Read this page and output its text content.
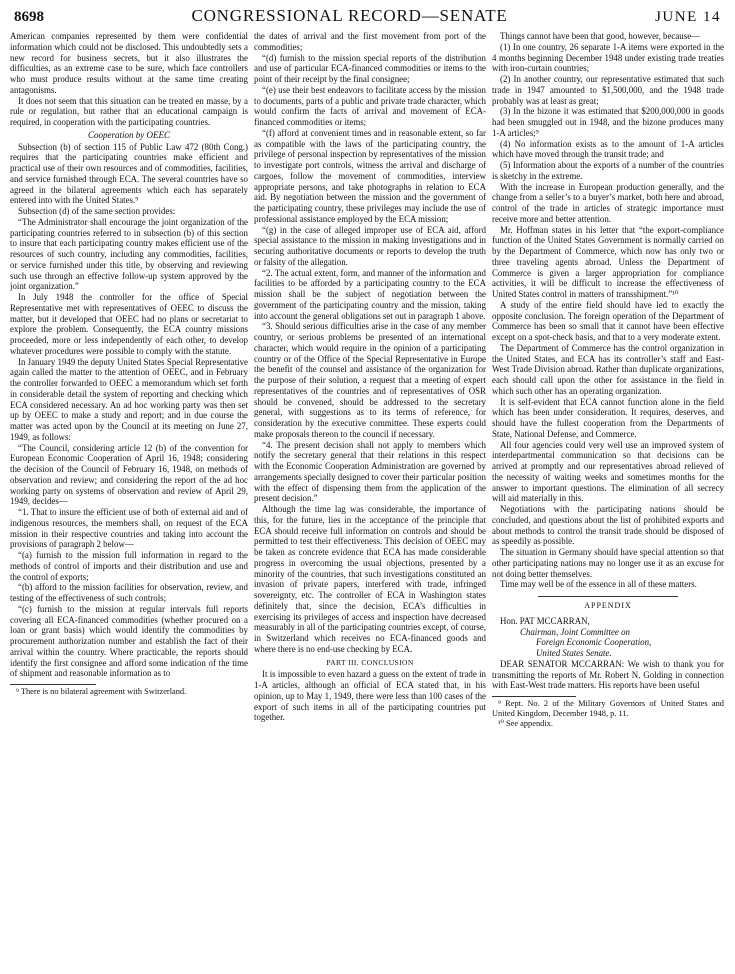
8698	CONGRESSIONAL RECORD—SENATE	JUNE 14

American companies represented by them were confidential information which could not be disclosed. This undoubtedly sets a new record for business secrets, but it also illustrates the difficulties, as an extreme case to be sure, which face controllers who must produce results without at the same time creating antagonisms.

It does not seem that this situation can be treated en masse, by a rule or regulation, but rather that an educational campaign is required, in cooperation with the participating countries.

Cooperation by OEEC

Subsection (b) of section 115 of Public Law 472 (80th Cong.) requires that the participating countries make efficient and practical use of their own resources and of commodities, facilities, and service furnished through ECA. The several countries have so agreed in the bilateral agreements which each has separately entered into with the United States.⁹

Subsection (d) of the same section provides:

“The Administrator shall encourage the joint organization of the participating countries referred to in subsection (b) of this section to insure that each participating country makes efficient use of the resources of such country, including any commodities, facilities, or service furnished under this title, by observing and reviewing such use through an effective follow-up system approved by the joint organization.”

In July 1948 the controller for the office of Special Representative met with representatives of OEEC to discuss the matter, but it developed that OEEC had no plans or secretariat to explore the problem. Consequently, the ECA country missions proceeded, more or less independently of each other, to develop whatever procedures were possible to comply with the statute.

In January 1949 the deputy United States Special Representative again called the matter to the attention of OEEC, and in February the controller forwarded to OEEC a memorandum which set forth in considerable detail the system of reporting and checking which ECA considered necessary. An ad hoc working party was then set up by OEEC to make a study and report; and in due course the matter was acted upon by the Council at its meeting on June 27, 1949, as follows:

“The Council, considering article 12 (b) of the convention for European Economic Cooperation of April 16, 1948; considering the decision of the Council of February 16, 1948, on methods of observation and review; and considering the report of the ad hoc working party on systems of observation and review of April 29, 1949, decides—

“1. That to insure the efficient use of both of external aid and of indigenous resources, the members shall, on request of the ECA mission in their respective countries and taking into account the provisions of paragraph 2 below—

“(a) furnish to the mission full information in regard to the methods of control of imports and their distribution and use and the control of exports;

“(b) afford to the mission facilities for observation, review, and testing of the effectiveness of such controls;

“(c) furnish to the mission at regular intervals full reports covering all ECA-financed commodities (whether procured on a loan or grant basis) which would identify the commodities by procurement authorization number and establish the fact of their arrival within the country. Where practicable, the reports should identify the first consignee and afford some indication of the time of shipment and reasonable information as to

⁹ There is no bilateral agreement with Switzerland.

the dates of arrival and the first movement from port of the commodities;

“(d) furnish to the mission special reports of the distribution and use of particular ECA-financed commodities or items to the point of their receipt by the final consignee;

“(e) use their best endeavors to facilitate access by the mission to documents, parts of a public and private trade character, which would confirm the facts of arrival and movement of ECA-financed commodities or items;

“(f) afford at convenient times and in reasonable extent, so far as compatible with the laws of the participating country, the privilege of personal inspection by representatives of the mission to investigate port controls, witness the arrival and discharge of cargoes, follow the movement of commodities, interview appropriate persons, and take photographs in relation to ECA aid. By negotiation between the mission and the government of the participating country, these privileges may include the use of professional assistance employed by the ECA mission;

“(g) in the case of alleged improper use of ECA aid, afford special assistance to the mission in making investigations and in securing authoritative documents or reports to develop the truth or falsity of the allegation.

“2. The actual extent, form, and manner of the information and facilities to be afforded by a participating country to the ECA mission shall be the subject of negotiation between the government of the participating country and the mission, taking into account the general obligations set out in paragraph 1 above.

“3. Should serious difficulties arise in the case of any member country, or serious problems be presented of an international character, which would require in the opinion of a participating country or of the Office of the Special Representative in Europe the benefit of the counsel and assistance of the organization for the purpose of their solution, a request that a meeting of expert representatives of the countries and of representatives of OSR should be convened, should be addressed to the secretary general, with suggestions as to its terms of reference, for consideration by the executive committee. These experts could make proposals thereon to the council if necessary.

“4. The present decision shall not apply to members which notify the secretary general that their relations in this respect with the Economic Cooperation Administration are governed by arrangements specially designed to cover their particular position with the effect of dispensing them from the application of the present decision.”

Although the time lag was considerable, the importance of this, for the future, lies in the acceptance of the principle that ECA should receive full information on controls and should be permitted to test their effectiveness. This decision of OEEC may be taken as concrete evidence that ECA has made considerable progress in overcoming the usual objections, presented by a minority of the countries, that such investigations constituted an invasion of private papers, interfered with trade, infringed sovereignty, etc. The controller of ECA in Washington states definitely that, since the decision, ECA’s difficulties in exercising its privileges of access and inspection have decreased measurably in all of the participating countries except, of course, in Switzerland which receives no ECA-financed goods and where there is no end-use checking by ECA.

PART III. CONCLUSION

It is impossible to even hazard a guess on the extent of trade in 1-A articles, although an official of ECA stated that, in his opinion, up to May 1, 1949, there were less than 100 cases of the export of such items in all of the participating countries put together.

Things cannot have been that good, however, because—

(1) In one country, 26 separate 1-A items were exported in the 4 months beginning December 1948 under existing trade treaties with iron-curtain countries;

(2) In another country, our representative estimated that such trade in 1947 amounted to $1,500,000, and the 1948 trade probably was at least as great;

(3) In the bizone it was estimated that $200,000,000 in goods had been smuggled out in 1948, and the bizone produces many 1-A articles;⁹

(4) No information exists as to the amount of 1-A articles which have moved through the transit trade; and

(5) Information about the exports of a number of the countries is sketchy in the extreme.

With the increase in European production generally, and the change from a seller’s to a buyer’s market, both here and abroad, control of the trade in articles of strategic importance must receive more and better attention.

Mr. Hoffman states in his letter that “the export-compliance function of the United States Government is normally carried on by the Department of Commerce, which now has only two or three traveling agents abroad. Unless the Department of Commerce is given a larger appropriation for compliance activities, it will be difficult to increase the effectiveness of United States control in matters of transshipment.”¹⁰

A study of the entire field should have led to exactly the opposite conclusion. The foreign operation of the Department of Commerce has been so small that it cannot have been effective except on a spot-check basis, and that to a very moderate extent.

The Department of Commerce has the control organization in the United States, and ECA has its controller’s staff and East-West Trade Division abroad. Rather than duplicate organizations, each should call upon the other for assistance in the field in which such other has an operating organization.

It is self-evident that ECA cannot function alone in the field which has been under consideration. It requires, deserves, and should have the fullest cooperation from the Departments of State, National Defense, and Commerce.

All four agencies could very well use an improved system of interdepartmental communication so that decisions can be arrived at promptly and our representatives abroad relieved of the necessity of waiting weeks and sometimes months for the answer to important questions. The elimination of all secrecy will aid materially in this.

Negotiations with the participating nations should be concluded, and questions about the list of prohibited exports and about methods to control the transit trade should be disposed of as speedily as possible.

The situation in Germany should have special attention so that other participating nations may no longer use it as an excuse for not doing better themselves.

Time may well be of the essence in all of these matters.

APPENDIX

Hon. PAT MCCARRAN,
Chairman, Joint Committee on
Foreign Economic Cooperation,
United States Senate.

DEAR SENATOR MCCARRAN: We wish to thank you for transmitting the reports of Mr. Robert N. Golding in connection with East-West trade matters. His reports have been useful

⁹ Rept. No. 2 of the Military Governors of United States and United Kingdom, December 1948, p. 11.

¹⁰ See appendix.
